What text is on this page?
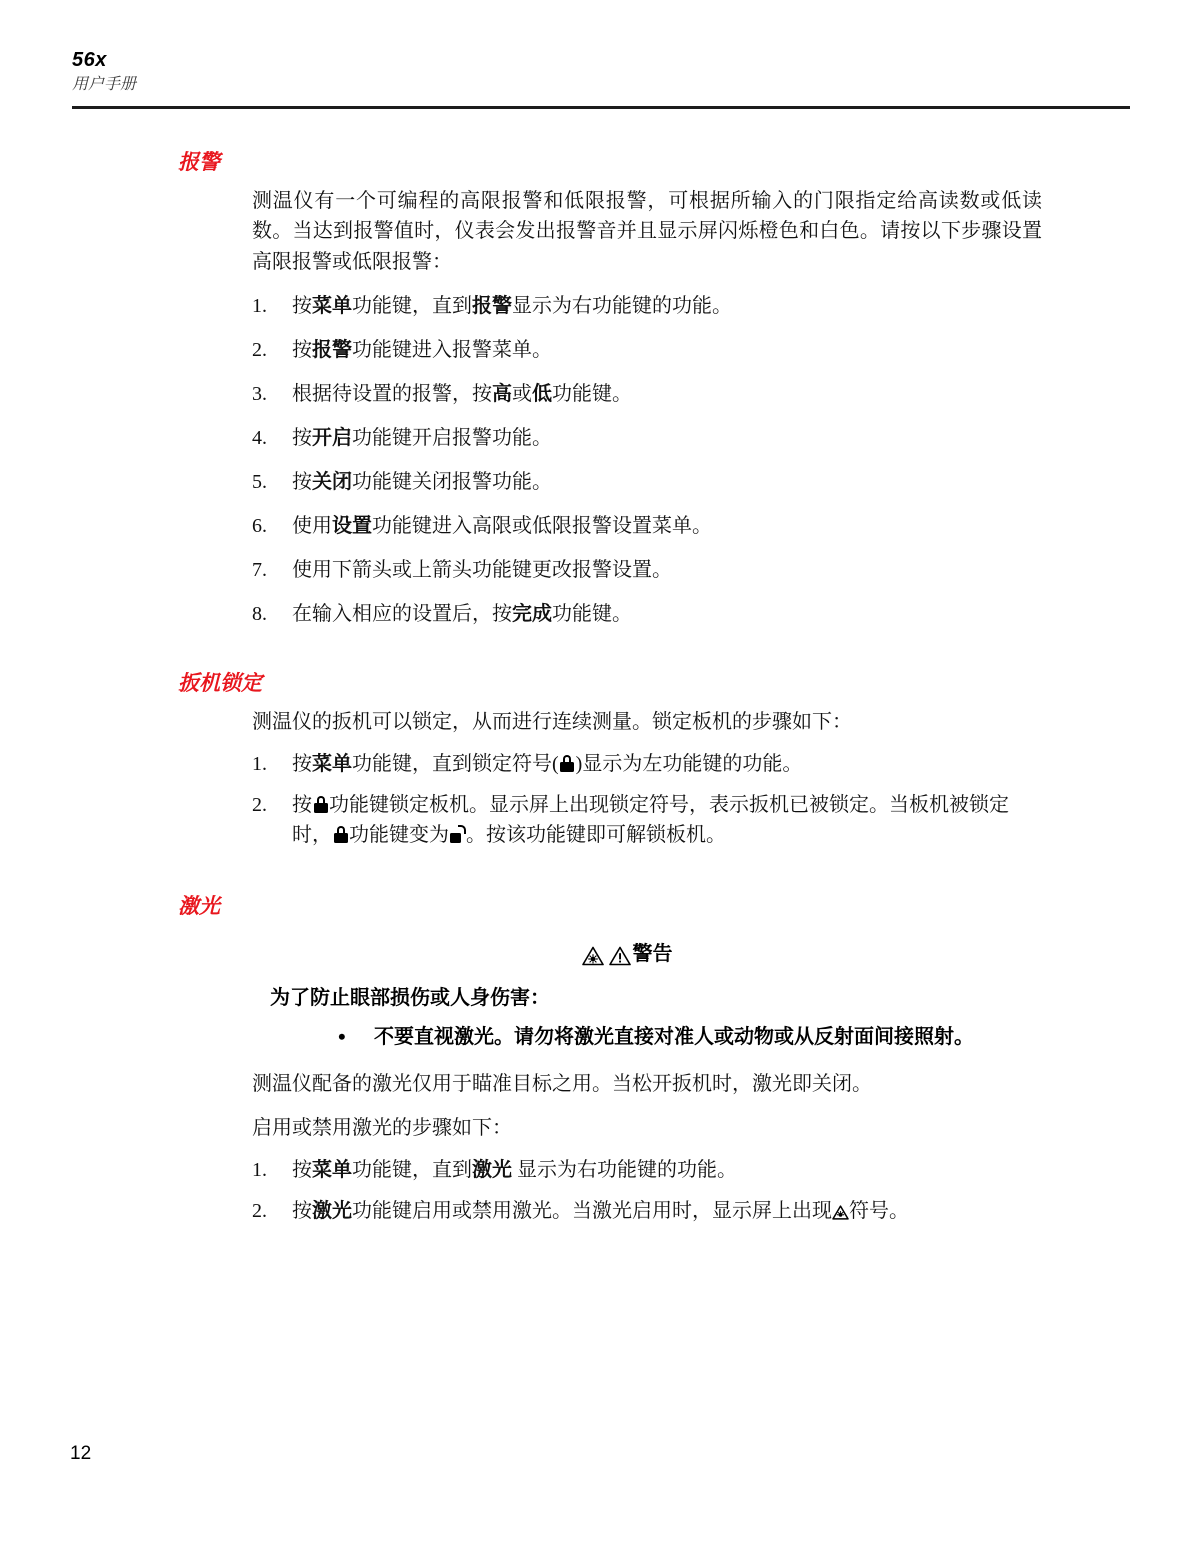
56x
用户手册
报警

测温仪有一个可编程的高限报警和低限报警，可根据所输入的门限指定给高读数或低读数。当达到报警值时，仪表会发出报警音并且显示屏闪烁橙色和白色。请按以下步骤设置高限报警或低限报警：

1.	按菜单功能键，直到报警显示为右功能键的功能。
2.	按报警功能键进入报警菜单。
3.	根据待设置的报警，按高或低功能键。
4.	按开启功能键开启报警功能。
5.	按关闭功能键关闭报警功能。
6.	使用设置功能键进入高限或低限报警设置菜单。
7.	使用下箭头或上箭头功能键更改报警设置。
8.	在输入相应的设置后，按完成功能键。
扳机锁定

测温仪的扳机可以锁定，从而进行连续测量。锁定板机的步骤如下：

1.	按菜单功能键，直到锁定符号( )显示为左功能键的功能。
2.	按 功能键锁定板机。显示屏上出现锁定符号，表示扳机已被锁定。当板机被锁定时， 功能键变为 。按该功能键即可解锁板机。
激光

警告
为了防止眼部损伤或人身伤害：
• 不要直视激光。请勿将激光直接对准人或动物或从反射面间接照射。

测温仪配备的激光仅用于瞄准目标之用。当松开扳机时，激光即关闭。

启用或禁用激光的步骤如下：

1.	按菜单功能键，直到激光 显示为右功能键的功能。
2.	按激光功能键启用或禁用激光。当激光启用时，显示屏上出现 符号。
12
